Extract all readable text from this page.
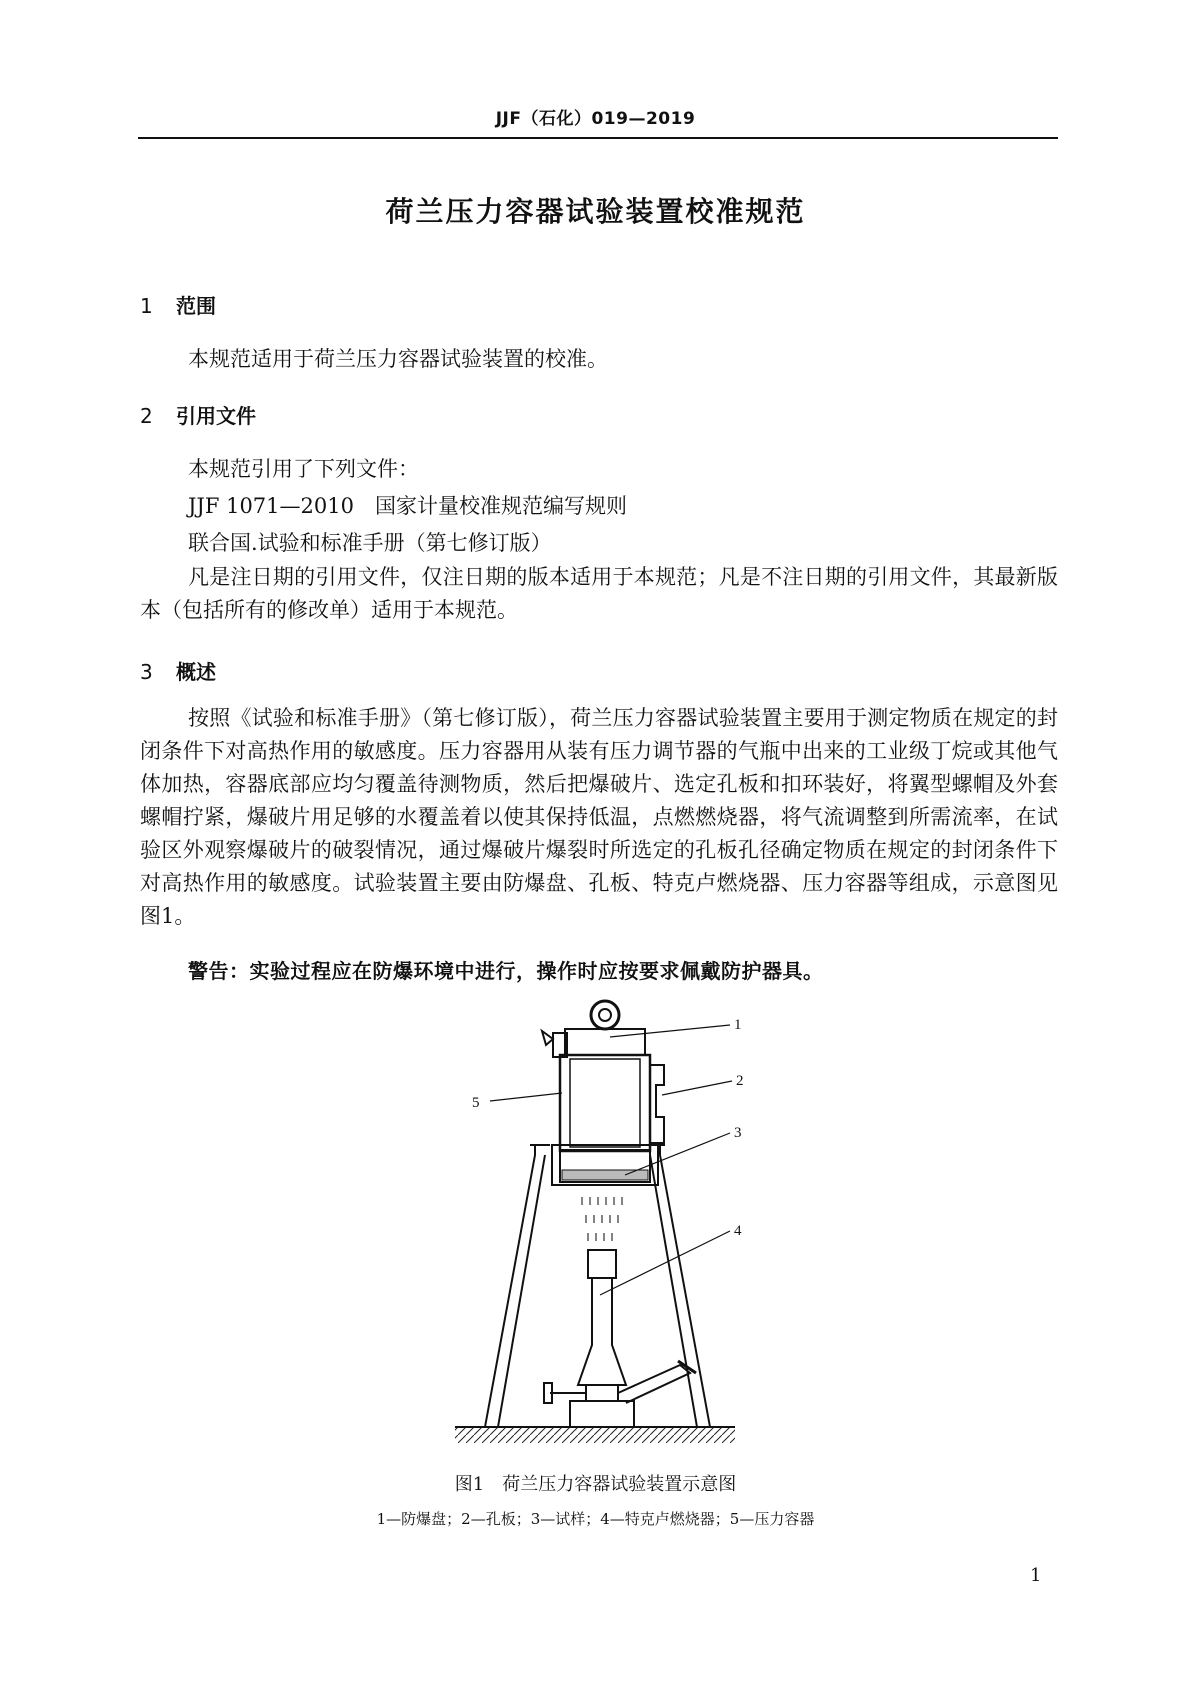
JJF（石化）019—2019
荷兰压力容器试验装置校准规范
1 范围
本规范适用于荷兰压力容器试验装置的校准。
2 引用文件
本规范引用了下列文件：
JJF 1071—2010　国家计量校准规范编写规则
联合国.试验和标准手册（第七修订版）
凡是注日期的引用文件，仅注日期的版本适用于本规范；凡是不注日期的引用文件，其最新版本（包括所有的修改单）适用于本规范。
3 概述
按照《试验和标准手册》（第七修订版），荷兰压力容器试验装置主要用于测定物质在规定的封闭条件下对高热作用的敏感度。压力容器用从装有压力调节器的气瓶中出来的工业级丁烷或其他气体加热，容器底部应均匀覆盖待测物质，然后把爆破片、选定孔板和扣环装好，将翼型螺帽及外套螺帽拧紧，爆破片用足够的水覆盖着以使其保持低温，点燃燃烧器，将气流调整到所需流率，在试验区外观察爆破片的破裂情况，通过爆破片爆裂时所选定的孔板孔径确定物质在规定的封闭条件下对高热作用的敏感度。试验装置主要由防爆盘、孔板、特克卢燃烧器、压力容器等组成，示意图见图1。
警告：实验过程应在防爆环境中进行，操作时应按要求佩戴防护器具。
1
2
3
4
5
图1　荷兰压力容器试验装置示意图
1—防爆盘；2—孔板；3—试样；4—特克卢燃烧器；5—压力容器
1
